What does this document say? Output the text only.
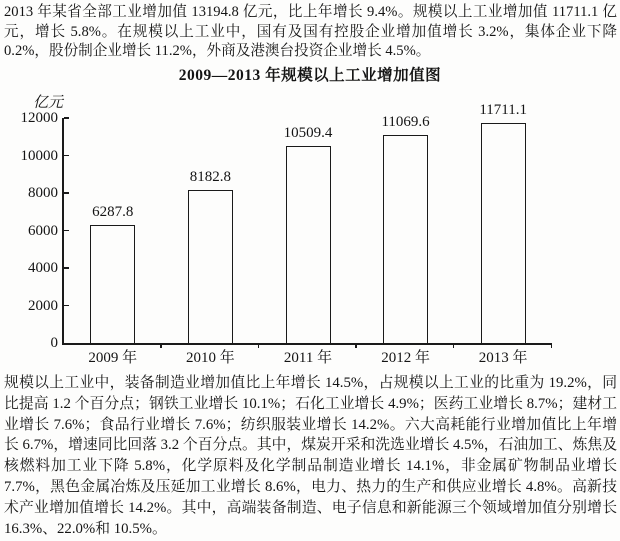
2013 年某省全部工业增加值 13194.8 亿元，比上年增长 9.4%。规模以上工业增加值 11711.1 亿元，增长 5.8%。在规模以上工业中，国有及国有控股企业增加值增长 3.2%，集体企业下降 0.2%，股份制企业增长 11.2%，外商及港澳台投资企业增长 4.5%。

2009—2013 年规模以上工业增加值图
亿元
0
2000
4000
6000
8000
10000
12000
6287.8
2009 年
8182.8
2010 年
10509.4
2011 年
11069.6
2012 年
11711.1
2013 年

规模以上工业中，装备制造业增加值比上年增长 14.5%，占规模以上工业的比重为 19.2%，同比提高 1.2 个百分点；钢铁工业增长 10.1%；石化工业增长 4.9%；医药工业增长 8.7%；建材工业增长 7.6%；食品行业增长 7.6%；纺织服装业增长 14.2%。六大高耗能行业增加值比上年增长 6.7%，增速同比回落 3.2 个百分点。其中，煤炭开采和洗选业增长 4.5%，石油加工、炼焦及核燃料加工业下降 5.8%，化学原料及化学制品制造业增长 14.1%，非金属矿物制品业增长 7.7%，黑色金属冶炼及压延加工业增长 8.6%，电力、热力的生产和供应业增长 4.8%。高新技术产业增加值增长 14.2%。其中，高端装备制造、电子信息和新能源三个领域增加值分别增长 16.3%、22.0%和 10.5%。
